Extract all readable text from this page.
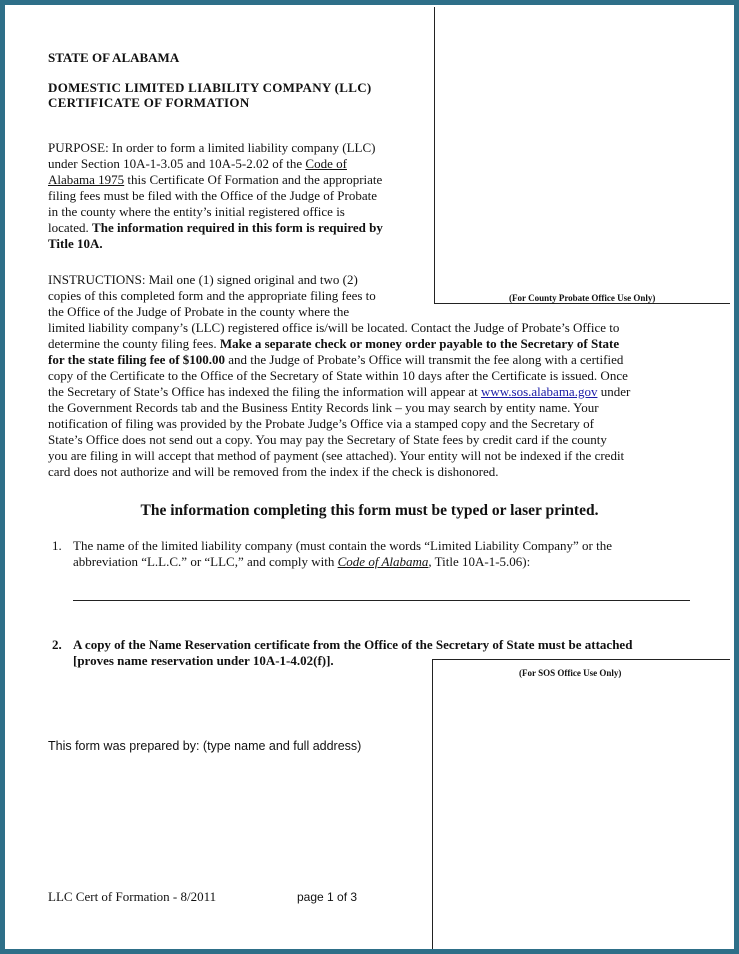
STATE OF ALABAMA
DOMESTIC LIMITED LIABILITY COMPANY (LLC)
CERTIFICATE OF FORMATION
(For County Probate Office Use Only)
PURPOSE: In order to form a limited liability company (LLC)
under Section 10A-1-3.05 and 10A-5-2.02 of the Code of
Alabama 1975 this Certificate Of Formation and the appropriate
filing fees must be filed with the Office of the Judge of Probate
in the county where the entity’s initial registered office is
located. The information required in this form is required by
Title 10A.
INSTRUCTIONS: Mail one (1) signed original and two (2)
copies of this completed form and the appropriate filing fees to
the Office of the Judge of Probate in the county where the
limited liability company’s (LLC) registered office is/will be located. Contact the Judge of Probate’s Office to
determine the county filing fees. Make a separate check or money order payable to the Secretary of State
for the state filing fee of $100.00 and the Judge of Probate’s Office will transmit the fee along with a certified
copy of the Certificate to the Office of the Secretary of State within 10 days after the Certificate is issued. Once
the Secretary of State’s Office has indexed the filing the information will appear at www.sos.alabama.gov under
the Government Records tab and the Business Entity Records link – you may search by entity name. Your
notification of filing was provided by the Probate Judge’s Office via a stamped copy and the Secretary of
State’s Office does not send out a copy. You may pay the Secretary of State fees by credit card if the county
you are filing in will accept that method of payment (see attached). Your entity will not be indexed if the credit
card does not authorize and will be removed from the index if the check is dishonored.
The information completing this form must be typed or laser printed.
1. The name of the limited liability company (must contain the words “Limited Liability Company” or the
abbreviation “L.L.C.” or “LLC,” and comply with Code of Alabama, Title 10A-1-5.06):
2. A copy of the Name Reservation certificate from the Office of the Secretary of State must be attached
[proves name reservation under 10A-1-4.02(f)].
(For SOS Office Use Only)
This form was prepared by: (type name and full address)
LLC Cert of Formation - 8/2011	page 1 of 3
